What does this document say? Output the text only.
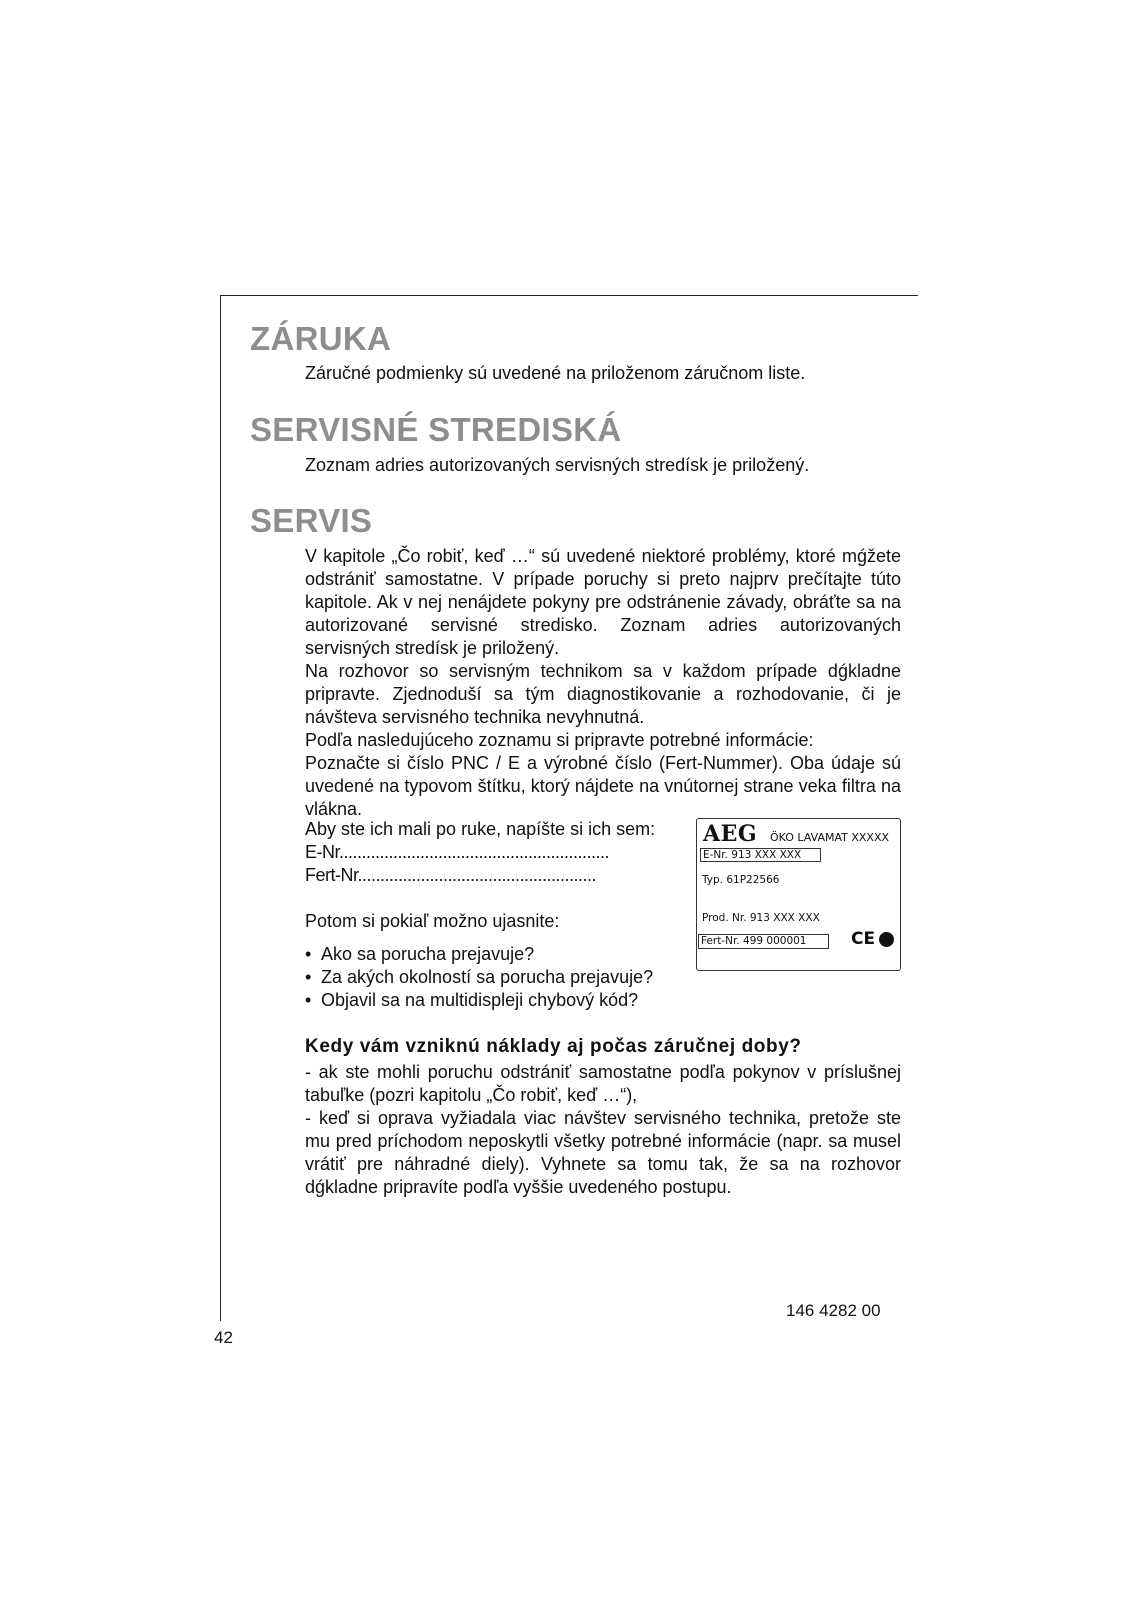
ZÁRUKA
Záručné podmienky sú uvedené na priloženom záručnom liste.
SERVISNÉ STREDISKÁ
Zoznam adries autorizovaných servisných stredísk je priložený.
SERVIS
V kapitole „Čo robiť, keď …“ sú uvedené niektoré problémy, ktoré mǵžete odstrániť samostatne. V prípade poruchy si preto najprv prečítajte túto kapitole. Ak v nej nenájdete pokyny pre odstránenie závady, obráťte sa na autorizované servisné stredisko. Zoznam adries autorizovaných servisných stredísk je priložený.
Na rozhovor so servisným technikom sa v každom prípade dǵkladne pripravte. Zjednoduší sa tým diagnostikovanie a rozhodovanie, či je návšteva servisného technika nevyhnutná.
Podľa nasledujúceho zoznamu si pripravte potrebné informácie:
Poznačte si číslo PNC / E a výrobné číslo (Fert-Nummer). Oba údaje sú uvedené na typovom štítku, ktorý nájdete na vnútornej strane veka filtra na vlákna.
Aby ste ich mali po ruke, napíšte si ich sem:
E-Nr............................................................
Fert-Nr.....................................................
Potom si pokiaľ možno ujasnite:
• Ako sa porucha prejavuje?
• Za akých okolností sa porucha prejavuje?
• Objavil sa na multidispleji chybový kód?
AEG ÖKO LAVAMAT XXXXX
E-Nr. 913 XXX XXX
Typ. 61P22566
Prod. Nr. 913 XXX XXX
Fert-Nr. 499 000001	CE
Kedy vám vzniknú náklady aj počas záručnej doby?
- ak ste mohli poruchu odstrániť samostatne podľa pokynov v príslušnej tabuľke (pozri kapitolu „Čo robiť, keď …“),
- keď si oprava vyžiadala viac návštev servisného technika, pretože ste mu pred príchodom neposkytli všetky potrebné informácie (napr. sa musel vrátiť pre náhradné diely). Vyhnete sa tomu tak, že sa na rozhovor dǵkladne pripravíte podľa vyššie uvedeného postupu.
146 4282 00
42
